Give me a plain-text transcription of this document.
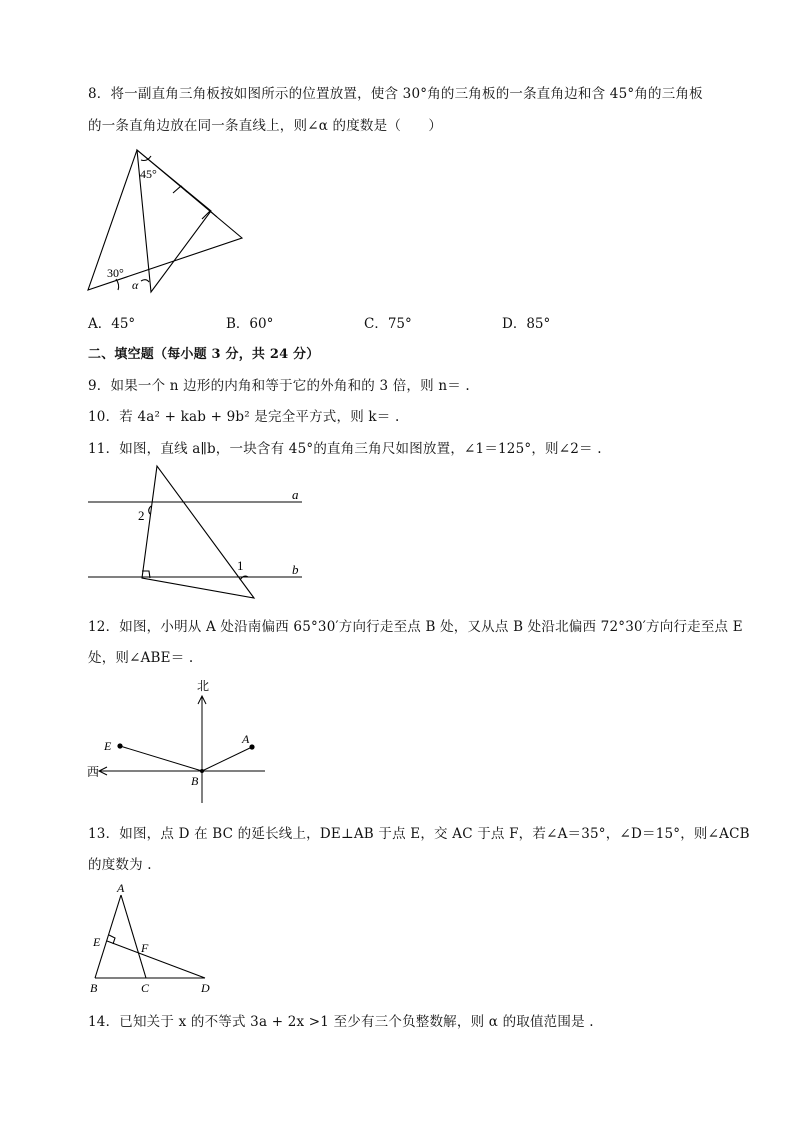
8．将一副直角三角板按如图所示的位置放置，使含 30°角的三角板的一条直角边和含 45°角的三角板
的一条直角边放在同一条直线上，则∠α 的度数是（　　）
45°
30°
α
A．45°	B．60°	C．75°	D．85°
二、填空题（每小题 3 分，共 24 分）
9．如果一个 n 边形的内角和等于它的外角和的 3 倍，则 n＝ .
10．若 4a² + kab + 9b² 是完全平方式，则 k＝ .
11．如图，直线 a∥b，一块含有 45°的直角三角尺如图放置，∠1＝125°，则∠2＝ .
a
b
2
1
12．如图，小明从 A 处沿南偏西 65°30′方向行走至点 B 处，又从点 B 处沿北偏西 72°30′方向行走至点 E
处，则∠ABE＝ .
北
西
A
B
E
13．如图，点 D 在 BC 的延长线上，DE⊥AB 于点 E，交 AC 于点 F，若∠A＝35°，∠D＝15°，则∠ACB
的度数为 .
A
B	C	D
E	F
14．已知关于 x 的不等式 3a + 2x >1 至少有三个负整数解，则 α 的取值范围是 .
